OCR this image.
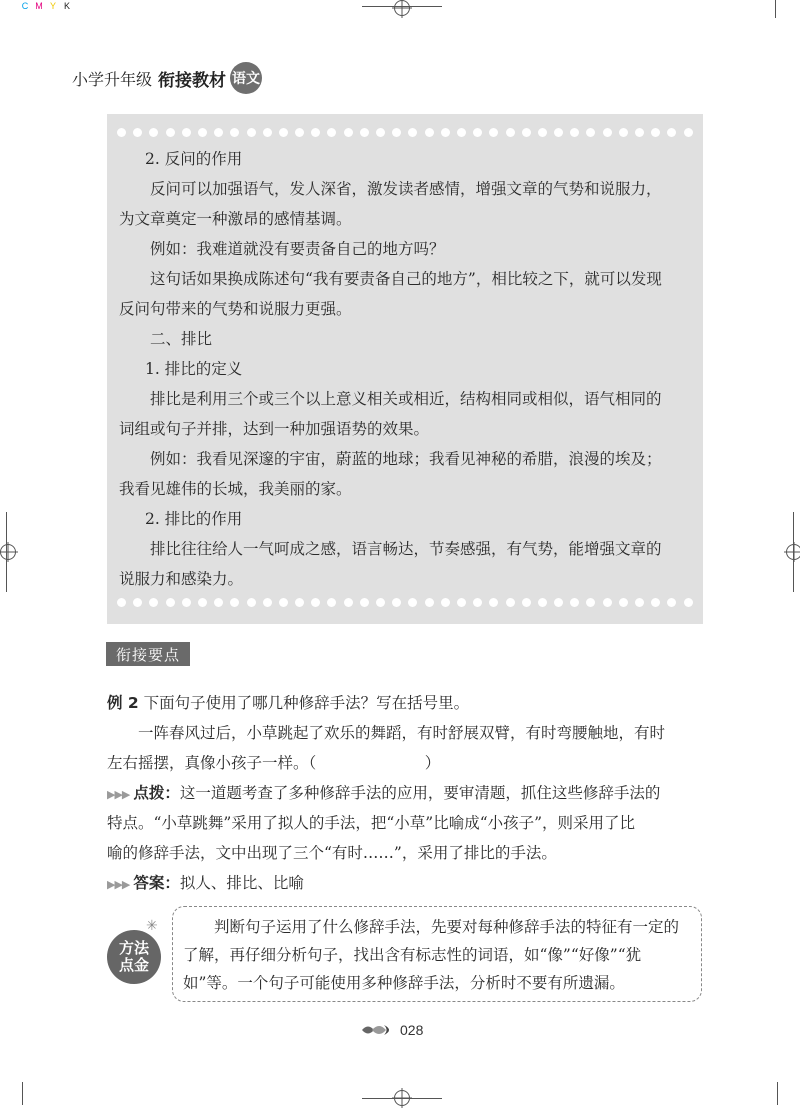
C M Y K
小学升年级 衔接教材 语文

2. 反问的作用

反问可以加强语气，发人深省，激发读者感情，增强文章的气势和说服力，

为文章奠定一种激昂的感情基调。

例如：我难道就没有要责备自己的地方吗？

这句话如果换成陈述句“我有要责备自己的地方”，相比较之下，就可以发现

反问句带来的气势和说服力更强。

二、排比

1. 排比的定义

排比是利用三个或三个以上意义相关或相近，结构相同或相似，语气相同的

词组或句子并排，达到一种加强语势的效果。

例如：我看见深邃的宇宙，蔚蓝的地球；我看见神秘的希腊，浪漫的埃及；

我看见雄伟的长城，我美丽的家。

2. 排比的作用

排比往往给人一气呵成之感，语言畅达，节奏感强，有气势，能增强文章的

说服力和感染力。

衔接要点
例 2 下面句子使用了哪几种修辞手法？写在括号里。

一阵春风过后，小草跳起了欢乐的舞蹈，有时舒展双臂，有时弯腰触地，有时

左右摇摆，真像小孩子一样。（　　　　　　　）

▶▶▶ 点拨：这一道题考查了多种修辞手法的应用，要审清题，抓住这些修辞手法的

特点。“小草跳舞”采用了拟人的手法，把“小草”比喻成“小孩子”，则采用了比

喻的修辞手法，文中出现了三个“有时……”，采用了排比的手法。

▶▶▶ 答案：拟人、排比、比喻
✳
方法
点金

判断句子运用了什么修辞手法，先要对每种修辞手法的特征有一定的了解，再仔细分析句子，找出含有标志性的词语，如“像”“好像”“犹如”等。一个句子可能使用多种修辞手法，分析时不要有所遗漏。

028
